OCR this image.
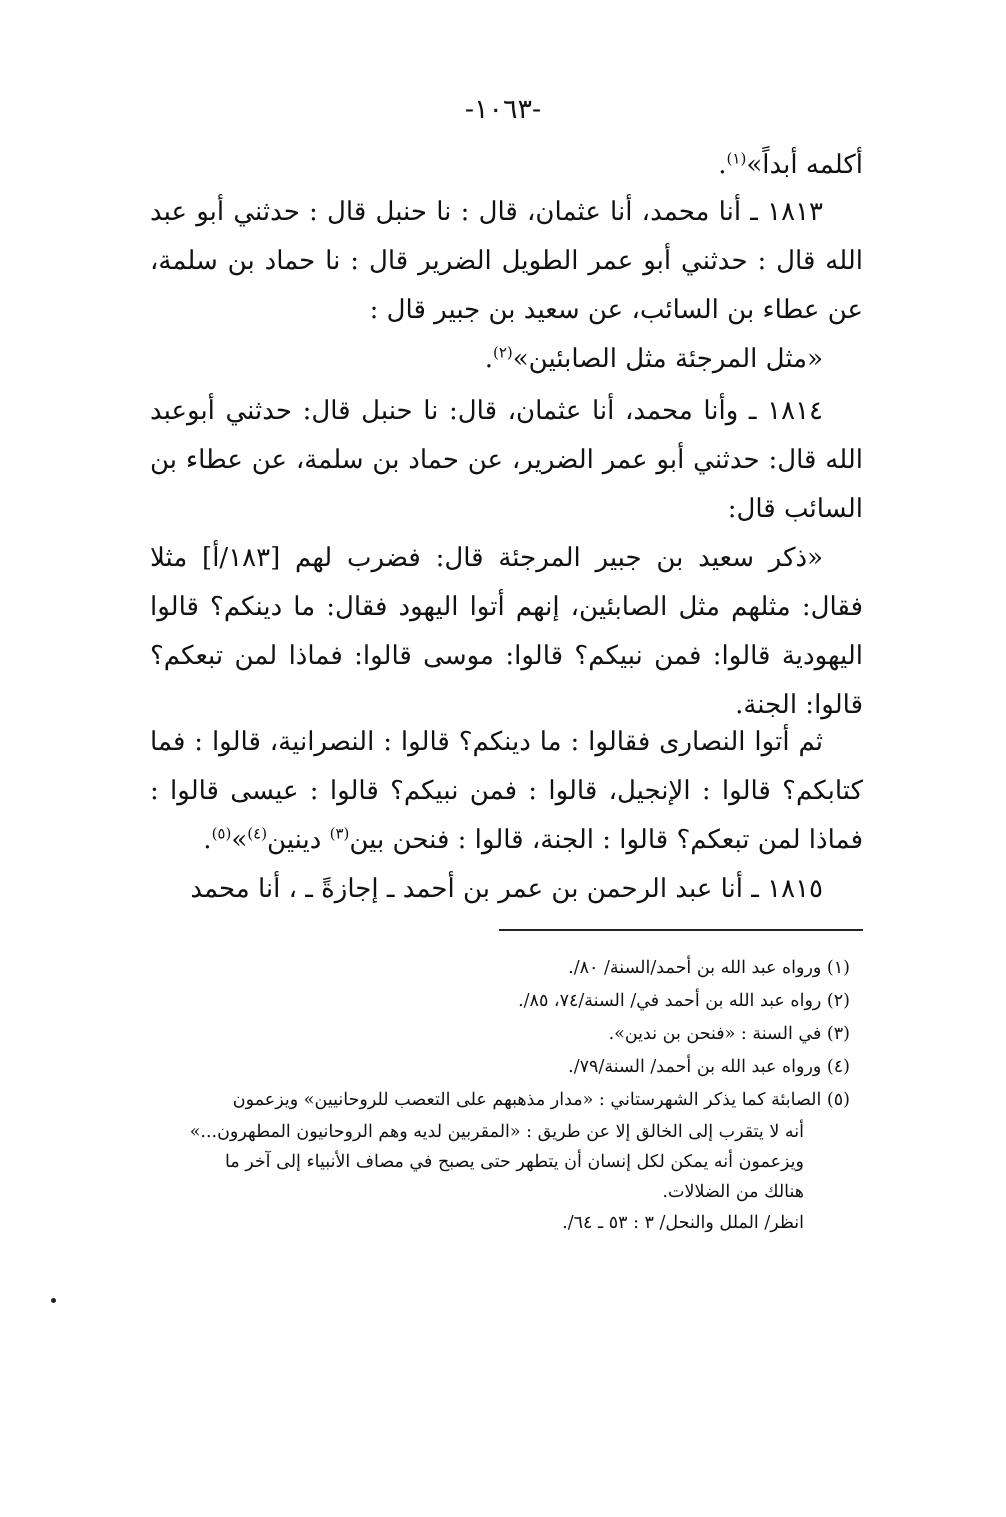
-١٠٦٣-

أكلمه أبداً»$^{(١)}$.

١٨١٣ ـ أنا محمد، أنا عثمان، قال : نا حنبل قال : حدثني أبو عبد الله قال : حدثني أبو عمر الطويل الضرير قال : نا حماد بن سلمة، عن عطاء بن السائب، عن سعيد بن جبير قال :

«مثل المرجئة مثل الصابئين»$^{(٢)}$.

١٨١٤ ـ وأنا محمد، أنا عثمان، قال: نا حنبل قال: حدثني أبوعبد الله قال: حدثني أبو عمر الضرير، عن حماد بن سلمة، عن عطاء بن السائب قال:

«ذكر سعيد بن جبير المرجئة قال: فضرب لهم [١٨٣/أ] مثلا فقال: مثلهم مثل الصابئين، إنهم أتوا اليهود فقال: ما دينكم؟ قالوا اليهودية قالوا: فمن نبيكم؟ قالوا: موسى قالوا: فماذا لمن تبعكم؟ قالوا: الجنة.

ثم أتوا النصارى فقالوا : ما دينكم؟ قالوا : النصرانية، قالوا : فما كتابكم؟ قالوا : الإنجيل، قالوا : فمن نبيكم؟ قالوا : عيسى قالوا : فماذا لمن تبعكم؟ قالوا : الجنة، قالوا : فنحن بين$^{(٣)}$ دينين$^{(٤)}$»$^{(٥)}$.

١٨١٥ ـ أنا عبد الرحمن بن عمر بن أحمد ـ إجازةً ـ ، أنا محمد

(١) ورواه عبد الله بن أحمد/السنة/ ٨٠/.

(٢) رواه عبد الله بن أحمد في/ السنة/٧٤، ٨٥/.

(٣) في السنة : «فنحن بن ندين».

(٤) ورواه عبد الله بن أحمد/ السنة/٧٩/.

(٥) الصابئة كما يذكر الشهرستاني : «مدار مذهبهم على التعصب للروحانيين» ويزعمون

أنه لا يتقرب إلى الخالق إلا عن طريق : «المقربين لديه وهم الروحانيون المطهرون...»

ويزعمون أنه يمكن لكل إنسان أن يتطهر حتى يصبح في مصاف الأنبياء إلى آخر ما

هنالك من الضلالات.

انظر/ الملل والنحل/ ٣ : ٥٣ ـ ٦٤/.
